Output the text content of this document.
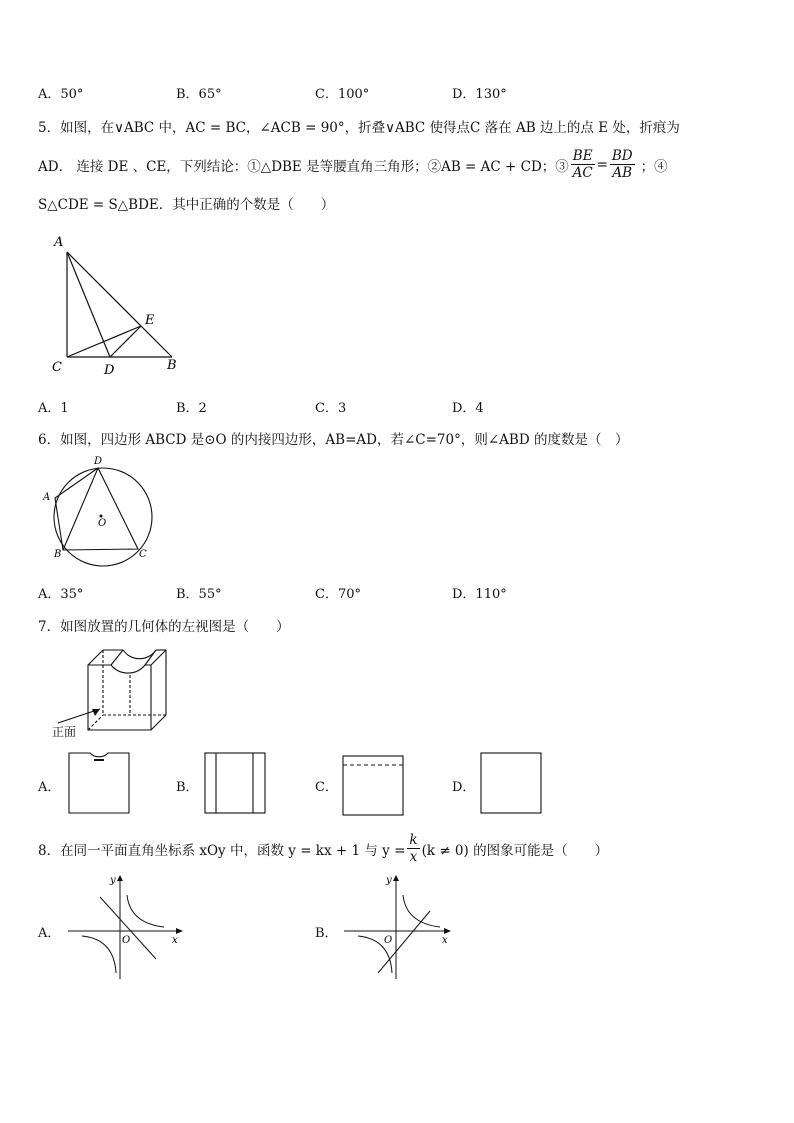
A．50°	B．65°	C．100°	D．130°
5．如图，在∨ABC 中，AC = BC，∠ACB = 90°，折叠∨ABC 使得点C 落在 AB 边上的点 E 处，折痕为
AD． 连接 DE 、CE，下列结论：①△DBE 是等腰直角三角形；②AB = AC + CD；③ $\frac{BE}{AC} = \frac{BD}{AB}$ ；④
S△CDE = S△BDE．其中正确的个数是（　　）
A
E
C	D	B
A．1	B．2	C．3	D．4
6．如图，四边形 ABCD 是⊙O 的内接四边形，AB=AD，若∠C=70°，则∠ABD 的度数是（　）
D
A
O
B	C
A．35°	B．55°	C．70°	D．110°
7．如图放置的几何体的左视图是（　　）
正面
A．	B．	C．	D．
8．在同一平面直角坐标系 xOy 中，函数 y = kx + 1 与 $y = \frac{k}{x} (k \ne 0)$ 的图象可能是（　　）
A．
y
O	x	B．
y
O	x
